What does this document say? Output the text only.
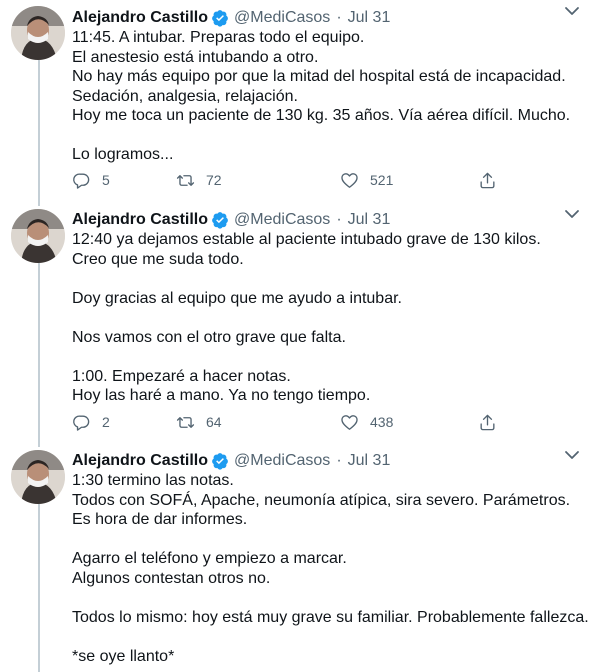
Alejandro Castillo @MediCasos · Jul 31

11:45. A intubar. Preparas todo el equipo.

El anestesio está intubando a otro.

No hay más equipo por que la mitad del hospital está de incapacidad.

Sedación, analgesia, relajación.

Hoy me toca un paciente de 130 kg. 35 años. Vía aérea difícil. Mucho.

Lo logramos...

5	72	521
Alejandro Castillo @MediCasos · Jul 31

12:40 ya dejamos estable al paciente intubado grave de 130 kilos.

Creo que me suda todo.

Doy gracias al equipo que me ayudo a intubar.

Nos vamos con el otro grave que falta.

1:00. Empezaré a hacer notas.

Hoy las haré a mano. Ya no tengo tiempo.

2	64	438
Alejandro Castillo @MediCasos · Jul 31

1:30 termino las notas.

Todos con SOFÁ, Apache, neumonía atípica, sira severo. Parámetros.

Es hora de dar informes.

Agarro el teléfono y empiezo a marcar.

Algunos contestan otros no.

Todos lo mismo: hoy está muy grave su familiar. Probablemente fallezca.

*se oye llanto*
